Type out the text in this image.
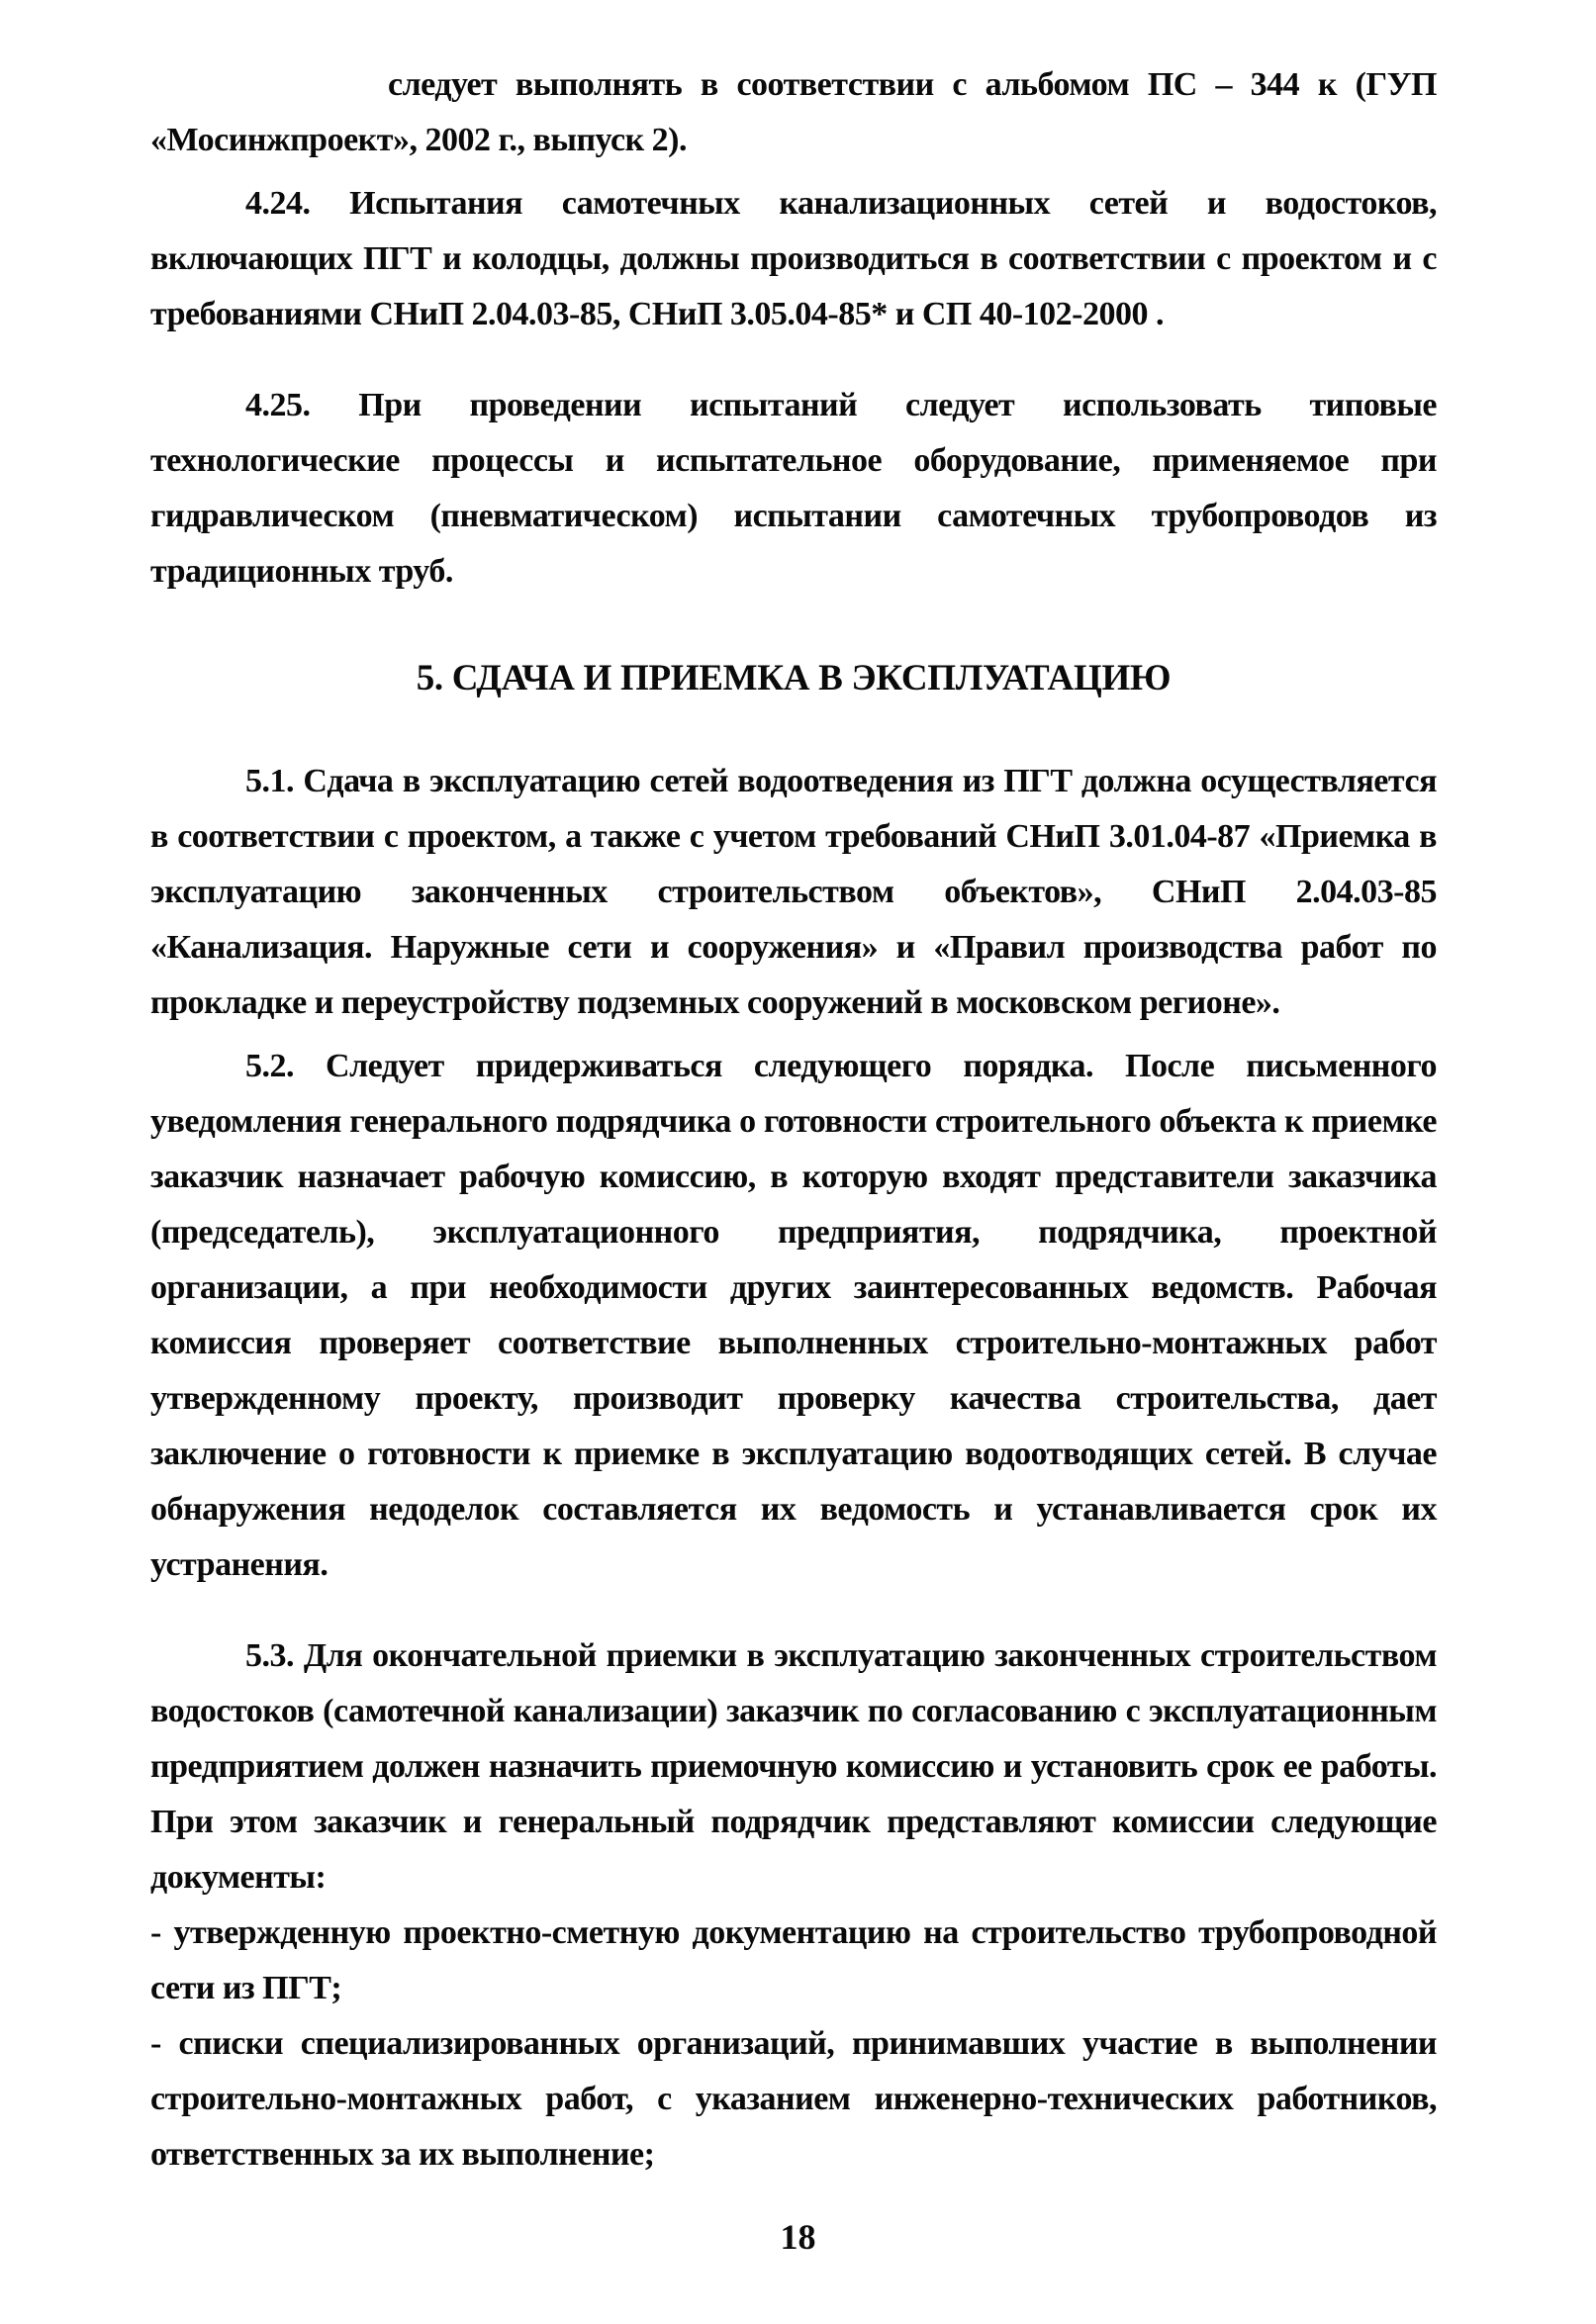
следует выполнять в соответствии с альбомом ПС – 344 к (ГУП «Мосинжпроект», 2002 г., выпуск 2).

4.24. Испытания самотечных канализационных сетей и водостоков, включающих ПГТ и колодцы, должны производиться в соответствии с проектом и с требованиями СНиП 2.04.03-85, СНиП 3.05.04-85* и СП 40-102-2000 .

4.25. При проведении испытаний следует использовать типовые технологические процессы и испытательное оборудование, применяемое при гидравлическом (пневматическом) испытании самотечных трубопроводов из традиционных труб.

5. СДАЧА И ПРИЕМКА В ЭКСПЛУАТАЦИЮ

5.1. Сдача в эксплуатацию сетей водоотведения из ПГТ должна осуществляется в соответствии с проектом, а также с учетом требований СНиП 3.01.04-87 «Приемка в эксплуатацию законченных строительством объектов», СНиП 2.04.03-85 «Канализация. Наружные сети и сооружения» и «Правил производства работ по прокладке и переустройству подземных сооружений в московском регионе».

5.2. Следует придерживаться следующего порядка. После письменного уведомления генерального подрядчика о готовности строительного объекта к приемке заказчик назначает рабочую комиссию, в которую входят представители заказчика (председатель), эксплуатационного предприятия, подрядчика, проектной организации, а при необходимости других заинтересованных ведомств. Рабочая комиссия проверяет соответствие выполненных строительно-монтажных работ утвержденному проекту, производит проверку качества строительства, дает заключение о готовности к приемке в эксплуатацию водоотводящих сетей. В случае обнаружения недоделок составляется их ведомость и устанавливается срок их устранения.

5.3. Для окончательной приемки в эксплуатацию законченных строительством водостоков (самотечной канализации) заказчик по согласованию с эксплуатационным предприятием должен назначить приемочную комиссию и установить срок ее работы. При этом заказчик и генеральный подрядчик представляют комиссии следующие документы:

- утвержденную проектно-сметную документацию на строительство трубопроводной сети из ПГТ;

- списки специализированных организаций, принимавших участие в выполнении строительно-монтажных работ, с указанием инженерно-технических работников, ответственных за их выполнение;

18
